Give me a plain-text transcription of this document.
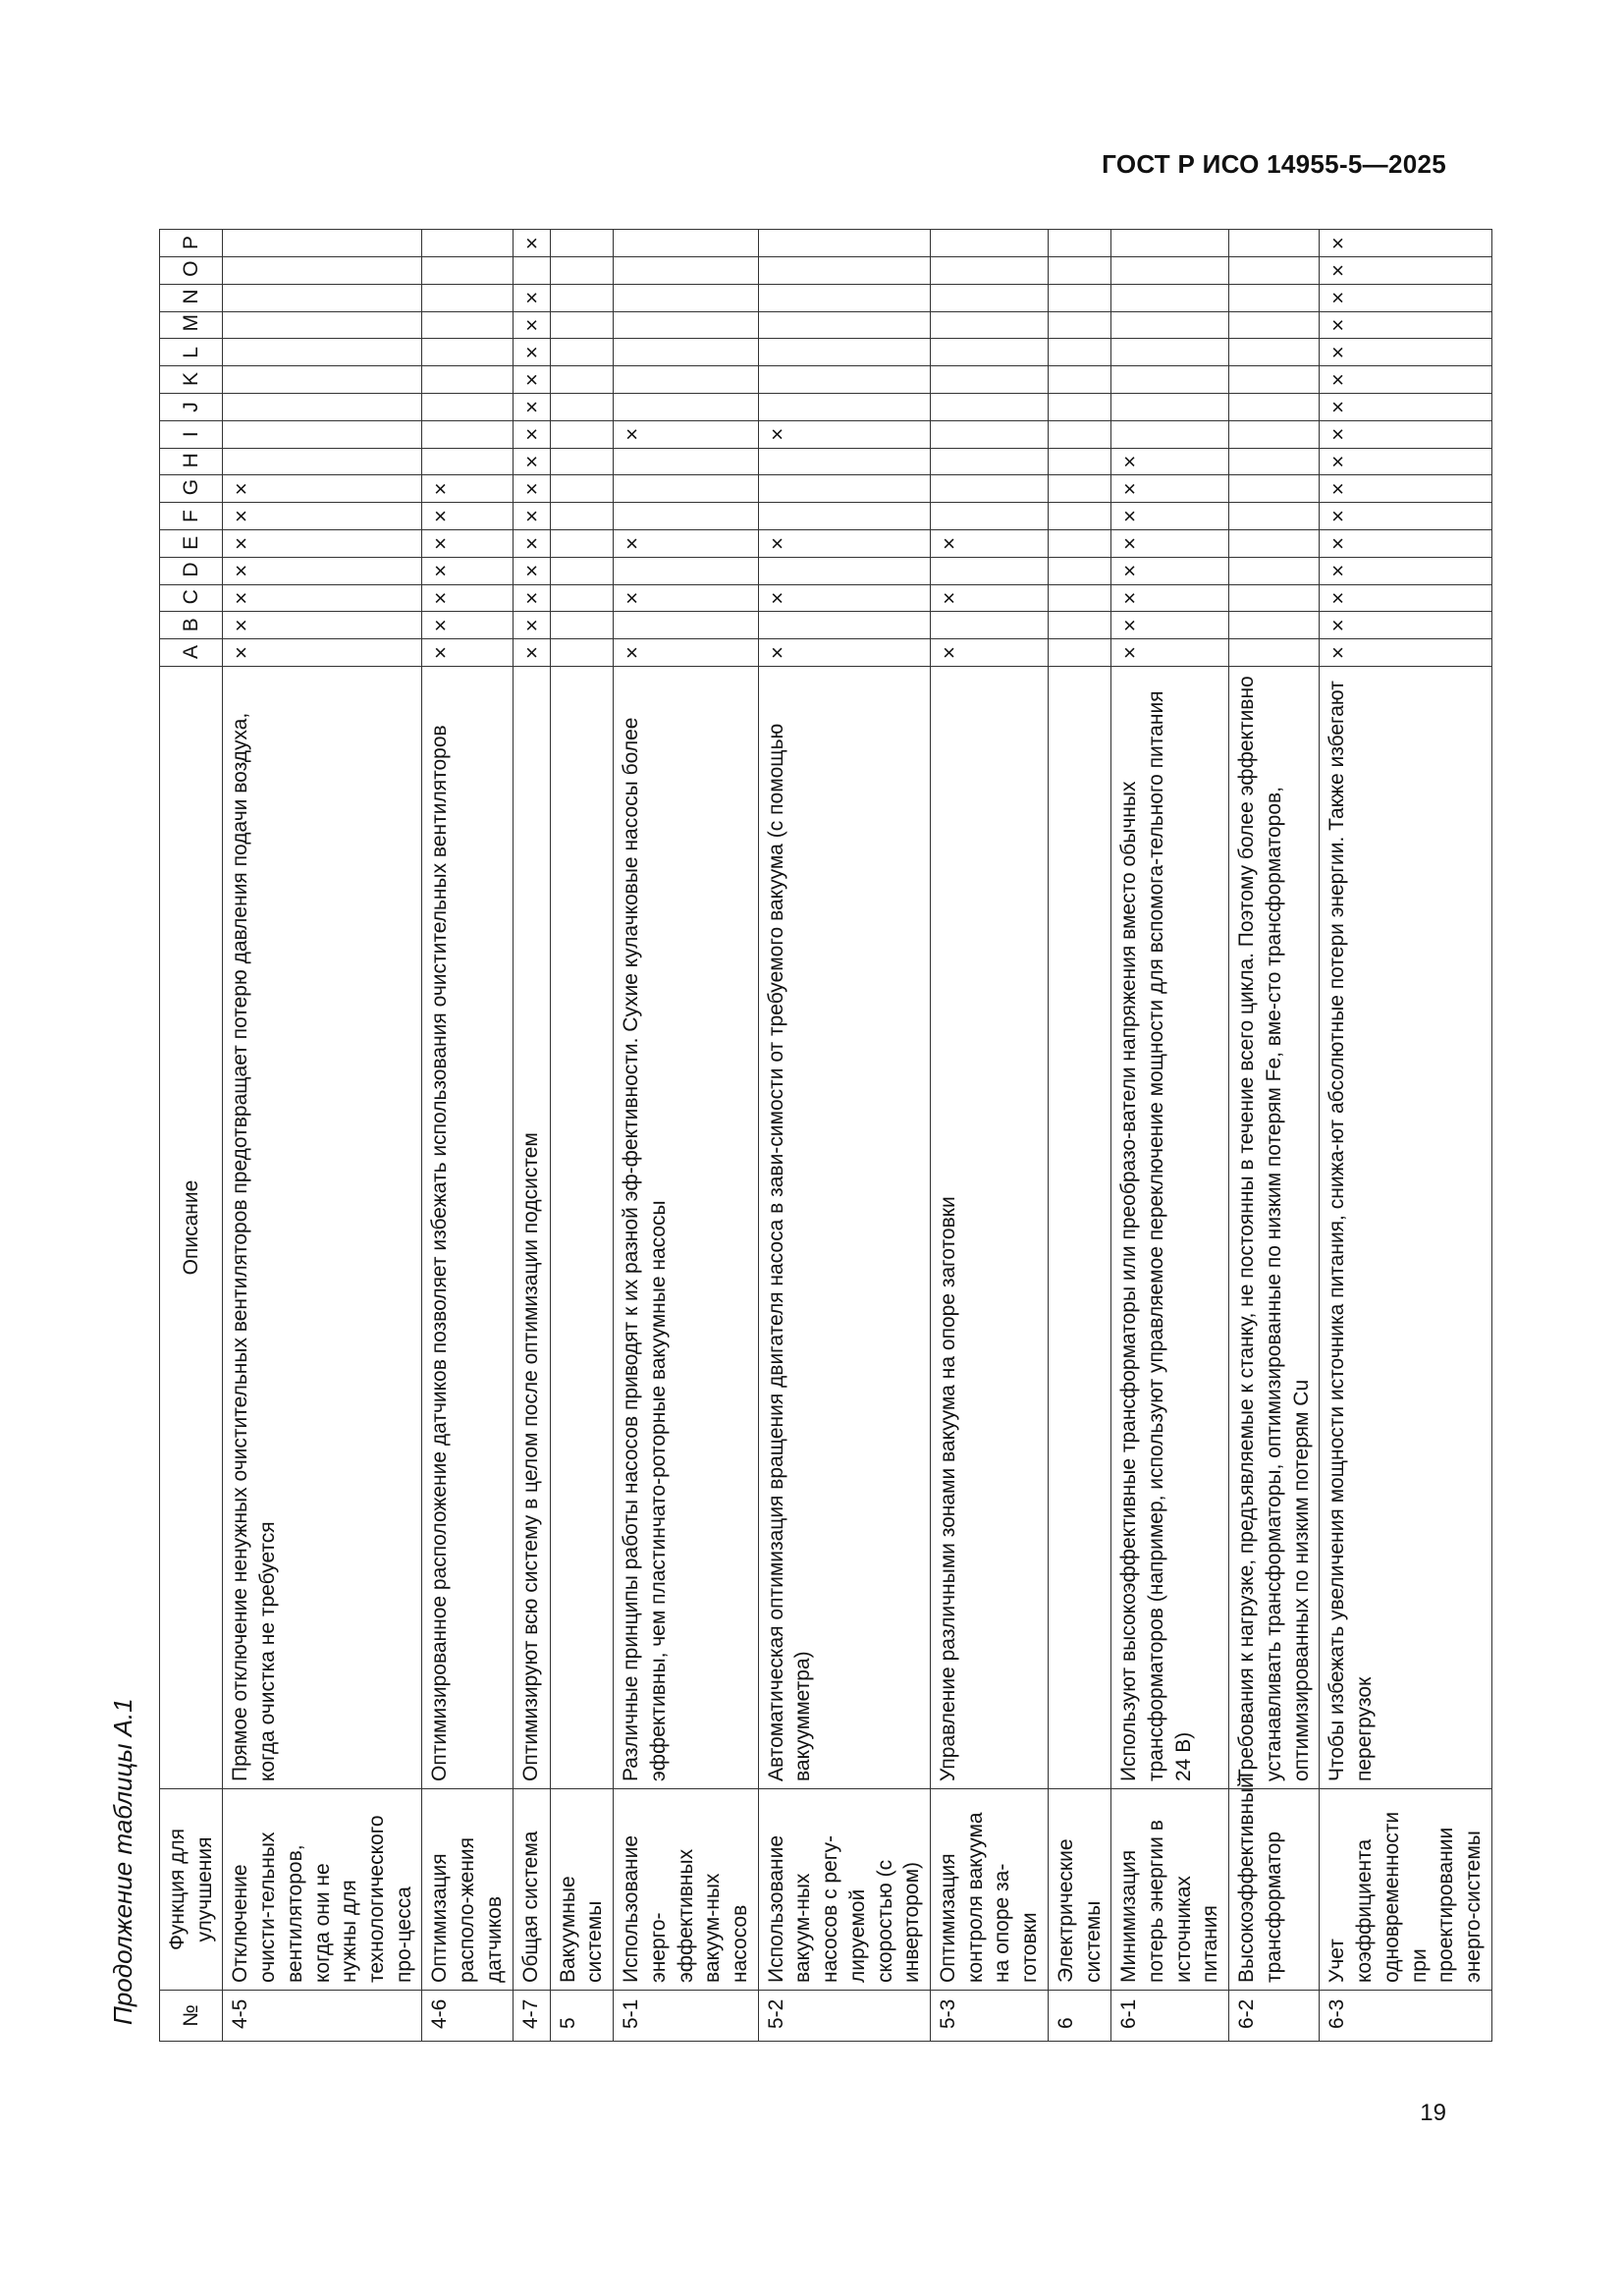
ГОСТ Р ИСО 14955-5—2025
Продолжение таблицы А.1 №	Функция для улучшения	Описание	A	B	C	D	E	F	G	H	I	J	K	L	M	N	O	P
4-5	Отключение очисти-тельных вентиляторов, когда они не нужны для технологического про-цесса	Прямое отключение ненужных очистительных вентиляторов предотвращает потерю давления подачи воздуха, когда очистка не требуется	×	×	×	×	×	×	×									
4-6	Оптимизация располо-жения датчиков	Оптимизированное расположение датчиков позволяет избежать использования очистительных вентиляторов	×	×	×	×	×	×	×									
4-7	Общая система	Оптимизируют всю систему в целом после оптимизации подсистем	×	×	×	×	×	×	×	×	×	×	×	×	×	×		×
5	Вакуумные системы																	
5-1	Использование энерго-эффективных вакуум-ных насосов	Различные принципы работы насосов приводят к их разной эф-фективности. Сухие кулачковые насосы более эффективны, чем пластинчато-роторные вакуумные насосы	×		×		×				×							
5-2	Использование вакуум-ных насосов с регу-лируемой скоростью (с инвертором)	Автоматическая оптимизация вращения двигателя насоса в зави-симости от требуемого вакуума (с помощью вакуумметра)	×		×		×				×							
5-3	Оптимизация контроля вакуума на опоре за-готовки	Управление различными зонами вакуума на опоре заготовки	×		×		×											
6	Электрические системы																	
6-1	Минимизация потерь энергии в источниках питания	Используют высокоэффективные трансформаторы или преобразо-ватели напряжения вместо обычных трансформаторов (например, используют управляемое переключение мощности для вспомога-тельного питания 24 В)	×	×	×	×	×	×	×	×								
6-2	Высокоэффективный трансформатор	Требования к нагрузке, предъявляемые к станку, не постоянны в течение всего цикла. Поэтому более эффективно устанавливать трансформаторы, оптимизированные по низким потерям Fe, вме-сто трансформаторов, оптимизированных по низким потерям Cu																
6-3	Учет коэффициента одновременности при проектировании энерго-системы	Чтобы избежать увеличения мощности источника питания, снижа-ют абсолютные потери энергии. Также избегают перегрузок	×	×	×	×	×	×	×	×	×	×	×	×	×	×	×	×
19
